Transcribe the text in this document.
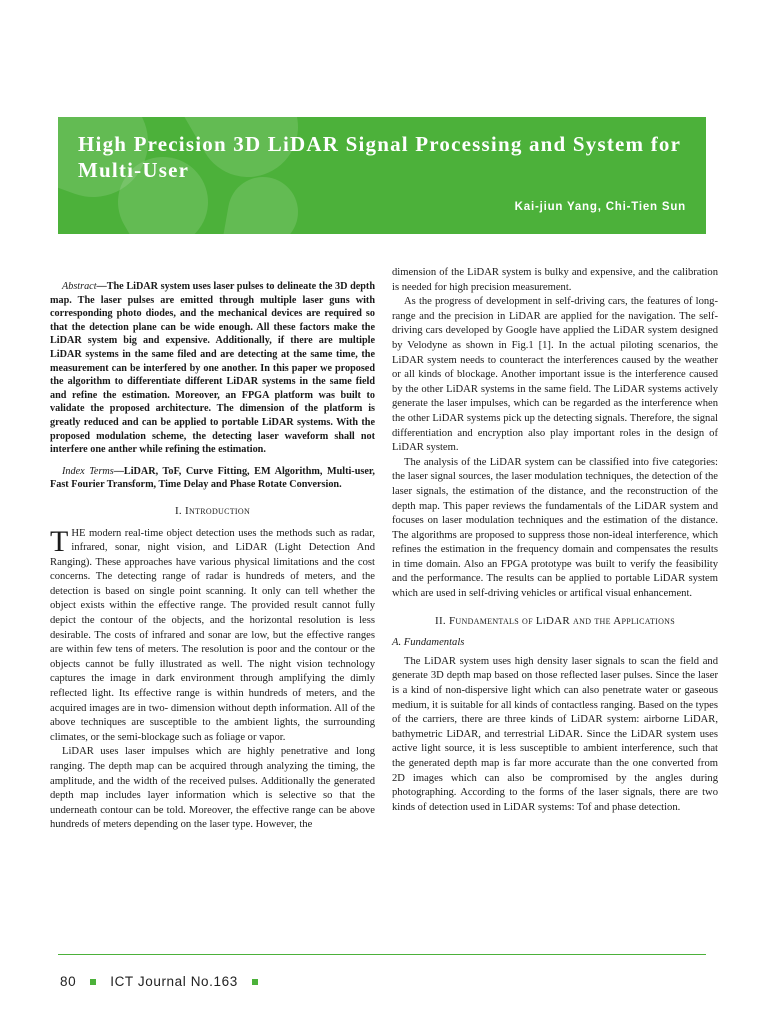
High Precision 3D LiDAR Signal Processing and System for Multi-User
Kai-jiun Yang, Chi-Tien Sun

Abstract—The LiDAR system uses laser pulses to delineate the 3D depth map. The laser pulses are emitted through multiple laser guns with corresponding photo diodes, and the mechanical devices are required so that the detection plane can be wide enough. All these factors make the LiDAR system big and expensive. Additionally, if there are multiple LiDAR systems in the same filed and are detecting at the same time, the measurement can be interfered by one another. In this paper we proposed the algorithm to differentiate different LiDAR systems in the same field and refine the estimation. Moreover, an FPGA platform was built to validate the proposed architecture. The dimension of the platform is greatly reduced and can be applied to portable LiDAR systems. With the proposed modulation scheme, the detecting laser waveform shall not interfere one anther while refining the estimation.

Index Terms—LiDAR, ToF, Curve Fitting, EM Algorithm, Multi-user, Fast Fourier Transform, Time Delay and Phase Rotate Conversion.

I. Introduction

THE modern real-time object detection uses the methods such as radar, infrared, sonar, night vision, and LiDAR (Light Detection And Ranging). These approaches have various physical limitations and the cost concerns. The detecting range of radar is hundreds of meters, and the detection is based on single point scanning. It only can tell whether the object exists within the effective range. The provided result cannot fully depict the contour of the objects, and the horizontal resolution is less desirable. The costs of infrared and sonar are low, but the effective ranges are within few tens of meters. The resolution is poor and the contour or the objects cannot be fully illustrated as well. The night vision technology captures the image in dark environment through amplifying the dimly reflected light. Its effective range is within hundreds of meters, and the acquired images are in two- dimension without depth information. All of the above techniques are susceptible to the ambient lights, the surrounding climates, or the semi-blockage such as foliage or vapor.

LiDAR uses laser impulses which are highly penetrative and long ranging. The depth map can be acquired through analyzing the timing, the amplitude, and the width of the received pulses. Additionally the generated depth map includes layer information which is selective so that the underneath contour can be told. Moreover, the effective range can be above hundreds of meters depending on the laser type. However, the

dimension of the LiDAR system is bulky and expensive, and the calibration is needed for high precision measurement.

As the progress of development in self-driving cars, the features of long-range and the precision in LiDAR are applied for the navigation. The self-driving cars developed by Google have applied the LiDAR system designed by Velodyne as shown in Fig.1 [1]. In the actual piloting scenarios, the LiDAR system needs to counteract the interferences caused by the weather or all kinds of blockage. Another important issue is the interference caused by the other LiDAR systems in the same field. The LiDAR systems actively generate the laser impulses, which can be regarded as the interference when the other LiDAR systems pick up the detecting signals. Therefore, the signal differentiation and encryption also play important roles in the design of LiDAR system.

The analysis of the LiDAR system can be classified into five categories: the laser signal sources, the laser modulation techniques, the detection of the laser signals, the estimation of the distance, and the reconstruction of the depth map. This paper reviews the fundamentals of the LiDAR system and focuses on laser modulation techniques and the estimation of the distance. The algorithms are proposed to suppress those non-ideal interference, which refines the estimation in the frequency domain and compensates the results in time domain. Also an FPGA prototype was built to verify the feasibility and the performance. The results can be applied to portable LiDAR system which are used in self-driving vehicles or artifical visual enhancement.

II. Fundamentals of LiDAR and the Applications

A. Fundamentals

The LiDAR system uses high density laser signals to scan the field and generate 3D depth map based on those reflected laser pulses. Since the laser is a kind of non-dispersive light which can also penetrate water or gaseous medium, it is suitable for all kinds of contactless ranging. Based on the types of the carriers, there are three kinds of LiDAR system: airborne LiDAR, bathymetric LiDAR, and terrestrial LiDAR. Since the LiDAR system uses active light source, it is less susceptible to ambient interference, such that the generated depth map is far more accurate than the one converted from 2D images which can also be compromised by the angles during photographing. According to the forms of the laser signals, there are two kinds of detection used in LiDAR systems: Tof and phase detection.

80	ICT Journal No.163
